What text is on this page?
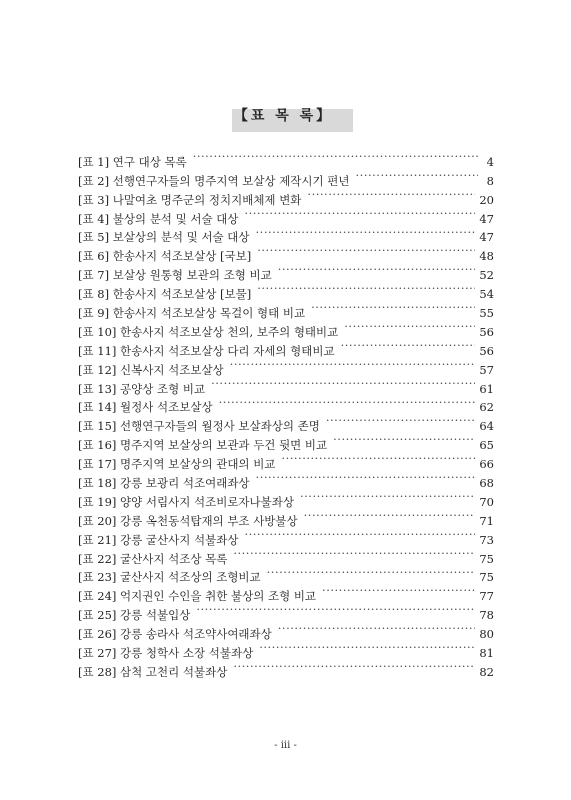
【표 목 록】
[표 1] 연구 대상 목록 ·····	4
[표 2] 선행연구자들의 명주지역 보살상 제작시기 편년 ·····	8
[표 3] 나말여초 명주군의 정치지배체제 변화 ·····	20
[표 4] 불상의 분석 및 서술 대상 ·····	47
[표 5] 보살상의 분석 및 서술 대상 ·····	47
[표 6] 한송사지 석조보살상 [국보] ·····	48
[표 7] 보살상 원통형 보관의 조형 비교 ·····	52
[표 8] 한송사지 석조보살상 [보물] ·····	54
[표 9] 한송사지 석조보살상 목걸이 형태 비교 ·····	55
[표 10] 한송사지 석조보살상 천의, 보주의 형태비교 ·····	56
[표 11] 한송사지 석조보살상 다리 자세의 형태비교 ·····	56
[표 12] 신복사지 석조보살상 ·····	57
[표 13] 공양상 조형 비교 ·····	61
[표 14] 월정사 석조보살상 ·····	62
[표 15] 선행연구자들의 월정사 보살좌상의 존명 ·····	64
[표 16] 명주지역 보살상의 보관과 두건 뒷면 비교 ·····	65
[표 17] 명주지역 보살상의 관대의 비교 ·····	66
[표 18] 강릉 보광리 석조여래좌상 ·····	68
[표 19] 양양 서림사지 석조비로자나불좌상 ·····	70
[표 20] 강릉 옥천동석탑재의 부조 사방불상 ·····	71
[표 21] 강릉 굴산사지 석불좌상 ·····	73
[표 22] 굴산사지 석조상 목록 ·····	75
[표 23] 굴산사지 석조상의 조형비교 ·····	75
[표 24] 억지권인 수인을 취한 불상의 조형 비교 ·····	77
[표 25] 강릉 석불입상 ·····	78
[표 26] 강릉 송라사 석조약사여래좌상 ·····	80
[표 27] 강릉 청학사 소장 석불좌상 ·····	81
[표 28] 삼척 고천리 석불좌상 ·····	82
- iii -
